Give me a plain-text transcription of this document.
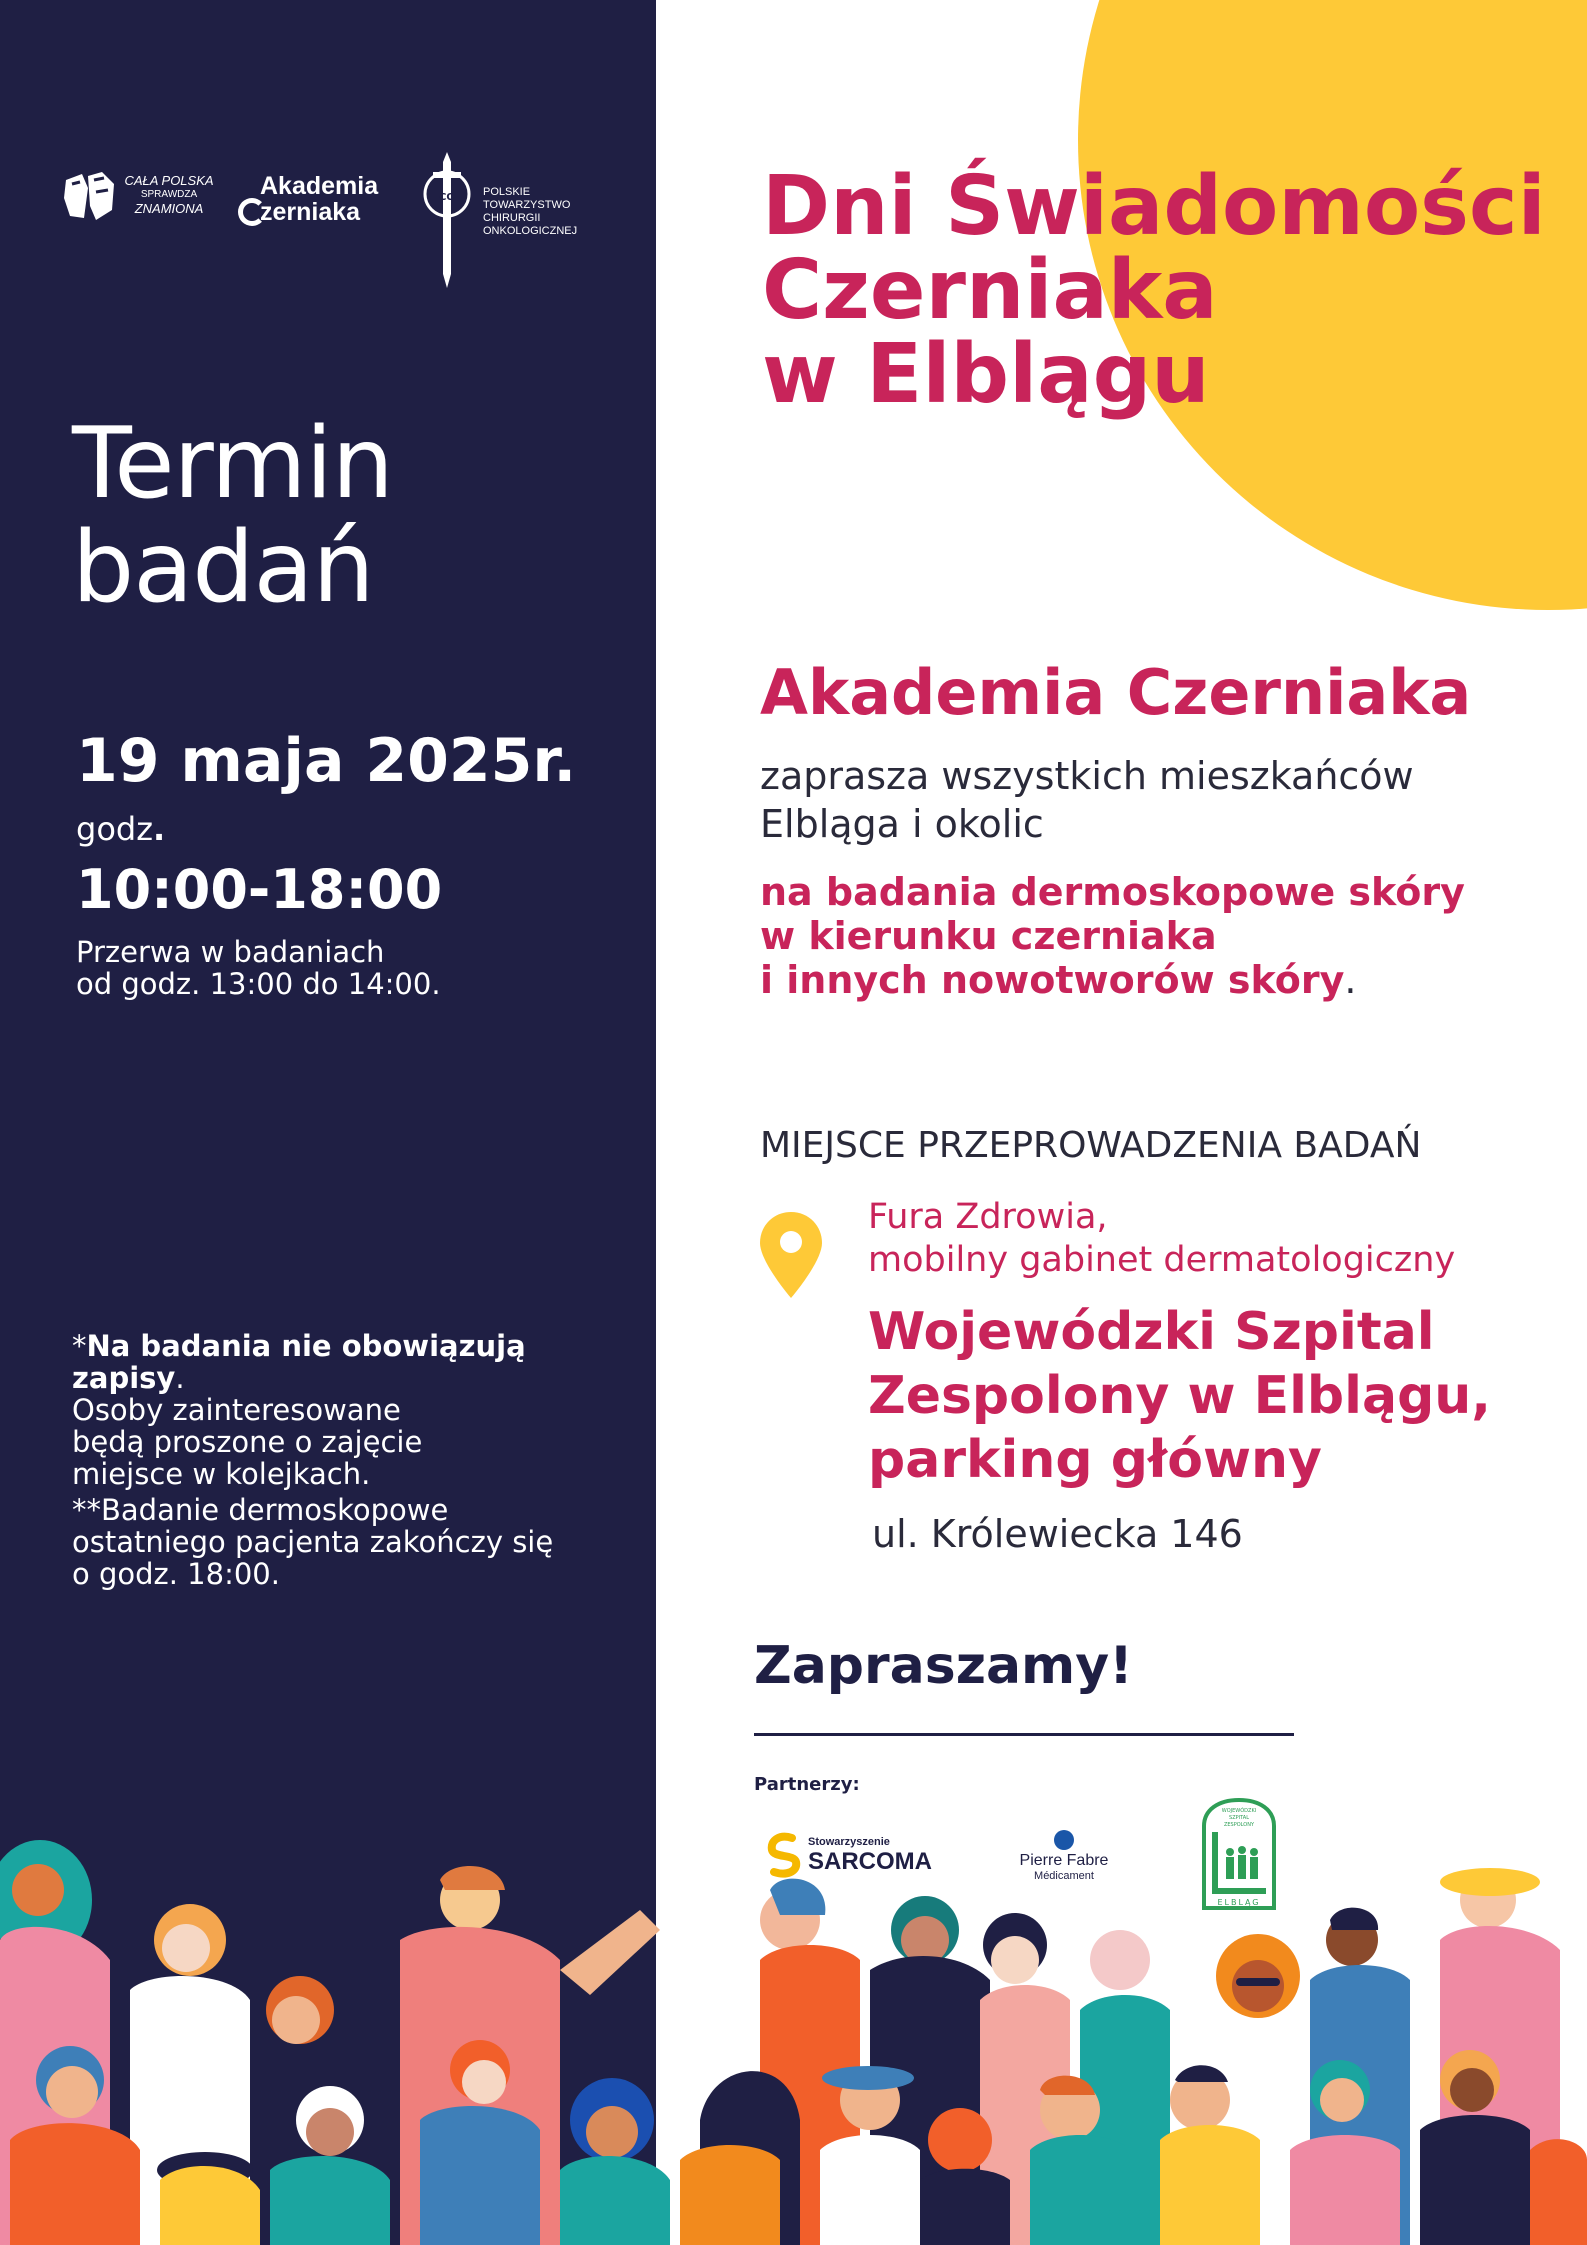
CAŁA POLSKA
SPRAWDZA
ZNAMIONA
Akademia
zerniaka
CO	POLSKIE
TOWARZYSTWO
CHIRURGII
ONKOLOGICZNEJ
Termin
badań
19 maja 2025r.
godz.
10:00-18:00
Przerwa w badaniach
od godz. 13:00 do 14:00.
*Na badania nie obowiązują zapisy.
Osoby zainteresowane
będą proszone o zajęcie
miejsce w kolejkach.
**Badanie dermoskopowe
ostatniego pacjenta zakończy się
o godz. 18:00.
Dni Świadomości
Czerniaka
w Elblągu
Akademia Czerniaka
zaprasza wszystkich mieszkańców
Elbląga i okolic
na badania dermoskopowe skóry
w kierunku czerniaka
i innych nowotworów skóry.
MIEJSCE PRZEPROWADZENIA BADAŃ
Fura Zdrowia,
mobilny gabinet dermatologiczny
Wojewódzki Szpital
Zespolony w Elblągu,
parking główny
ul. Królewiecka 146
Zapraszamy!
Partnerzy:
Stowarzyszenie
SARCOMA	Pierre Fabre
Médicament
WOJEWÓDZKI
SZPITAL
ZESPOLONY
ELBLĄG
